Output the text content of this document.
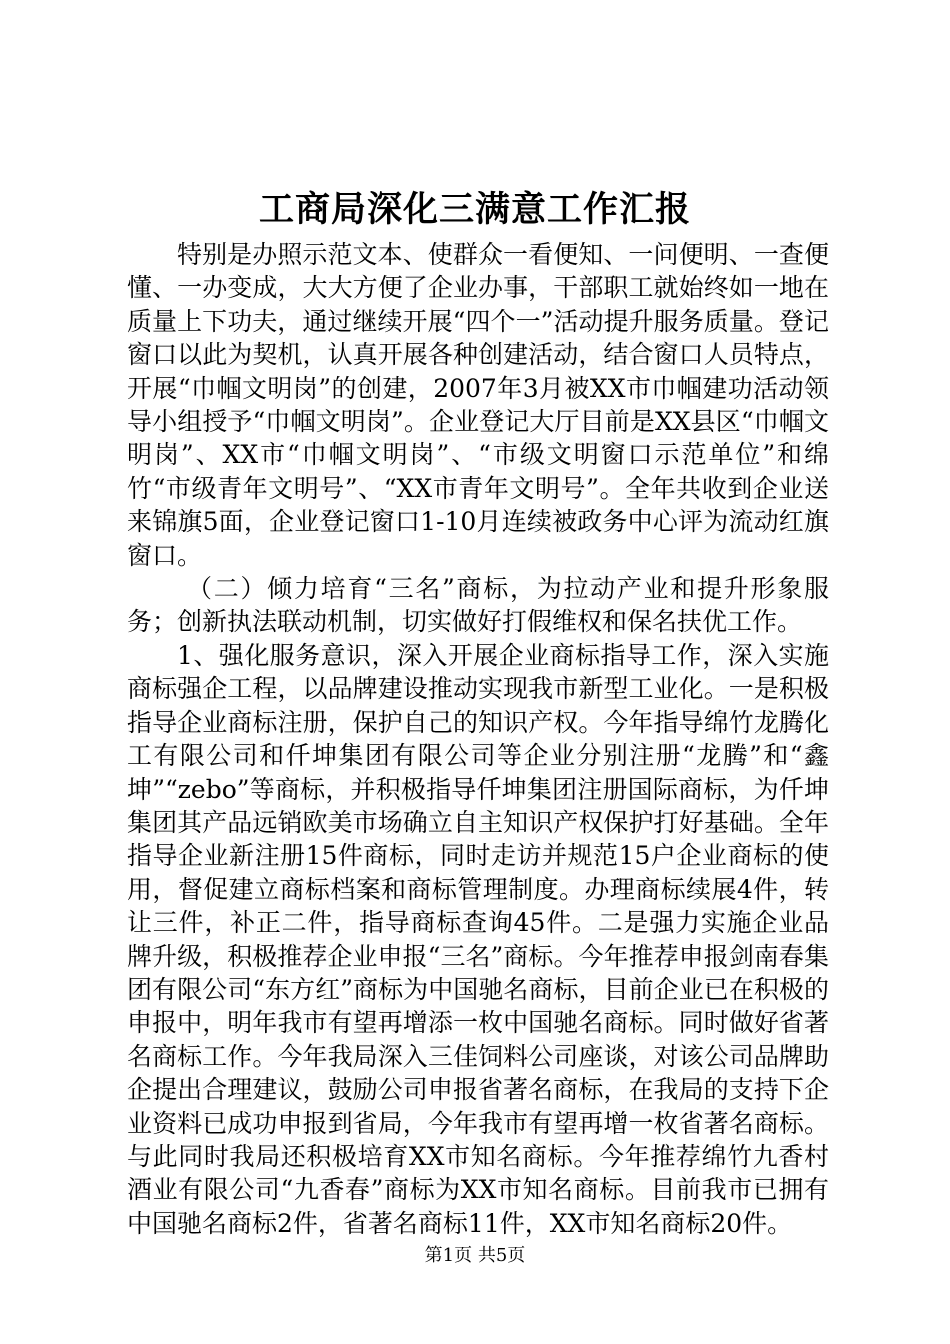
工商局深化三满意工作汇报

特别是办照示范文本、使群众一看便知、一问便明、一查便懂、一办变成，大大方便了企业办事，干部职工就始终如一地在质量上下功夫，通过继续开展“四个一”活动提升服务质量。登记窗口以此为契机，认真开展各种创建活动，结合窗口人员特点，开展“巾帼文明岗”的创建，2007年3月被XX市巾帼建功活动领导小组授予“巾帼文明岗”。企业登记大厅目前是XX县区“巾帼文明岗”、XX市“巾帼文明岗”、“市级文明窗口示范单位”和绵竹“市级青年文明号”、“XX市青年文明号”。全年共收到企业送来锦旗5面，企业登记窗口1-10月连续被政务中心评为流动红旗窗口。

（二）倾力培育“三名”商标，为拉动产业和提升形象服务；创新执法联动机制，切实做好打假维权和保名扶优工作。

1、强化服务意识，深入开展企业商标指导工作，深入实施商标强企工程，以品牌建设推动实现我市新型工业化。一是积极指导企业商标注册，保护自己的知识产权。今年指导绵竹龙腾化工有限公司和仟坤集团有限公司等企业分别注册“龙腾”和“鑫坤”“zebo”等商标，并积极指导仟坤集团注册国际商标，为仟坤集团其产品远销欧美市场确立自主知识产权保护打好基础。全年指导企业新注册15件商标，同时走访并规范15户企业商标的使用，督促建立商标档案和商标管理制度。办理商标续展4件，转让三件，补正二件，指导商标查询45件。二是强力实施企业品牌升级，积极推荐企业申报“三名”商标。今年推荐申报剑南春集团有限公司“东方红”商标为中国驰名商标，目前企业已在积极的申报中，明年我市有望再增添一枚中国驰名商标。同时做好省著名商标工作。今年我局深入三佳饲料公司座谈，对该公司品牌助企提出合理建议，鼓励公司申报省著名商标，在我局的支持下企业资料已成功申报到省局，今年我市有望再增一枚省著名商标。与此同时我局还积极培育XX市知名商标。今年推荐绵竹九香村酒业有限公司“九香春”商标为XX市知名商标。目前我市已拥有中国驰名商标2件，省著名商标11件，XX市知名商标20件。

第1页 共5页
